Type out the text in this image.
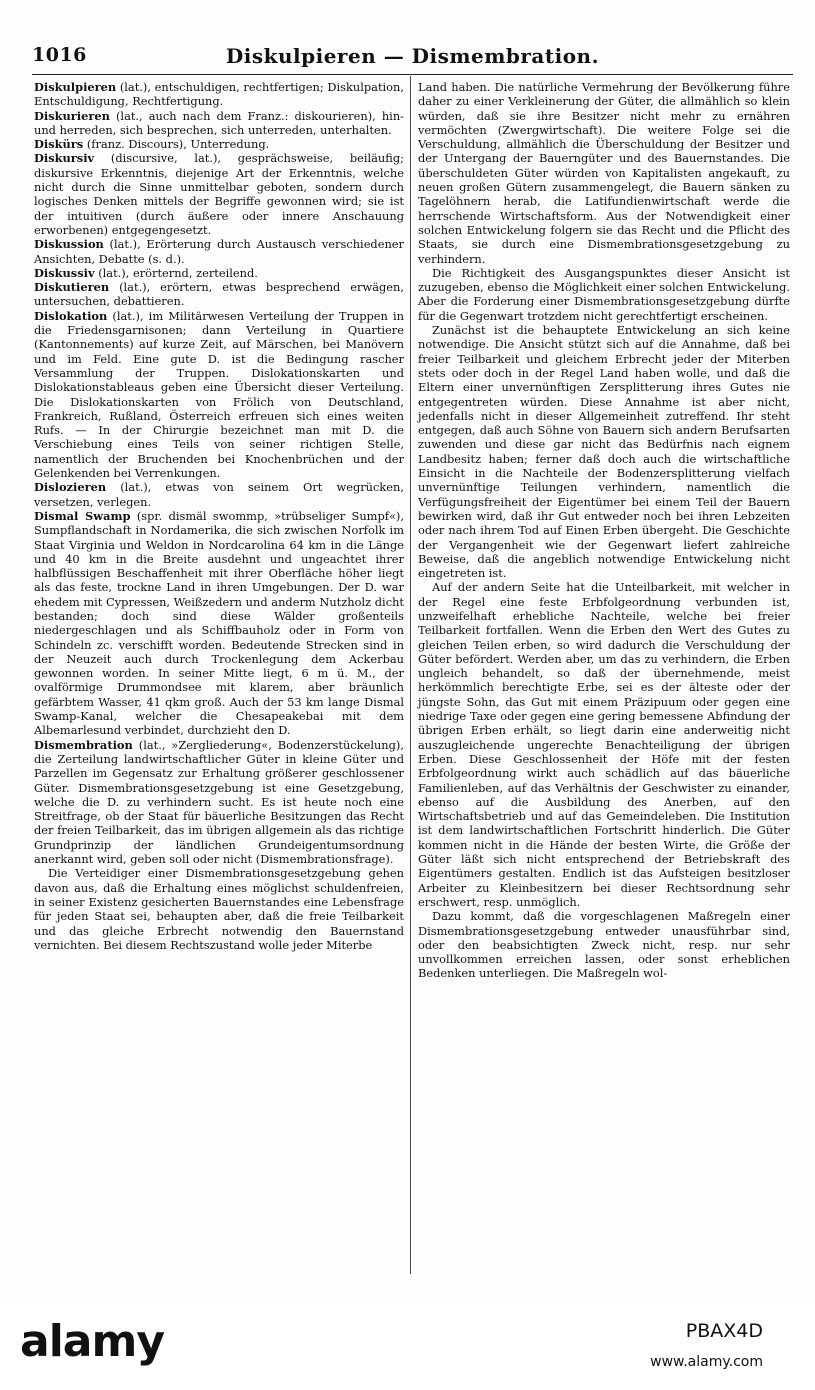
Diskulpieren — Dismembration.
1016

Diskulpieren (lat.), entschuldigen, rechtfertigen; Diskulpation, Entschuldigung, Rechtfertigung.

Diskurieren (lat., auch nach dem Franz.: diskourieren), hin- und herreden, sich besprechen, sich unterreden, unterhalten.

Diskürs (franz. Discours), Unterredung.

Diskursiv (discursive, lat.), gesprächsweise, beiläufig; diskursive Erkenntnis, diejenige Art der Erkenntnis, welche nicht durch die Sinne unmittelbar geboten, sondern durch logisches Denken mittels der Begriffe gewonnen wird; sie ist der intuitiven (durch äußere oder innere Anschauung erworbenen) entgegengesetzt.

Diskussion (lat.), Erörterung durch Austausch verschiedener Ansichten, Debatte (s. d.).

Diskussiv (lat.), erörternd, zerteilend.

Diskutieren (lat.), erörtern, etwas besprechend erwägen, untersuchen, debattieren.

Dislokation (lat.), im Militärwesen Verteilung der Truppen in die Friedensgarnisonen; dann Verteilung in Quartiere (Kantonnements) auf kurze Zeit, auf Märschen, bei Manövern und im Feld. Eine gute D. ist die Bedingung rascher Versammlung der Truppen. Dislokationskarten und Dislokationstableaus geben eine Übersicht dieser Verteilung. Die Dislokationskarten von Frölich von Deutschland, Frankreich, Rußland, Österreich erfreuen sich eines weiten Rufs. — In der Chirurgie bezeichnet man mit D. die Verschiebung eines Teils von seiner richtigen Stelle, namentlich der Bruchenden bei Knochenbrüchen und der Gelenkenden bei Verrenkungen.

Dislozieren (lat.), etwas von seinem Ort wegrücken, versetzen, verlegen.

Dismal Swamp (spr. dismäl swommp, »trübseliger Sumpf«), Sumpflandschaft in Nordamerika, die sich zwischen Norfolk im Staat Virginia und Weldon in Nordcarolina 64 km in die Länge und 40 km in die Breite ausdehnt und ungeachtet ihrer halbflüssigen Beschaffenheit mit ihrer Oberfläche höher liegt als das feste, trockne Land in ihren Umgebungen. Der D. war ehedem mit Cypressen, Weißzedern und anderm Nutzholz dicht bestanden; doch sind diese Wälder großenteils niedergeschlagen und als Schiffbauholz oder in Form von Schindeln zc. verschifft worden. Bedeutende Strecken sind in der Neuzeit auch durch Trockenlegung dem Ackerbau gewonnen worden. In seiner Mitte liegt, 6 m ü. M., der ovalförmige Drummondsee mit klarem, aber bräunlich gefärbtem Wasser, 41 qkm groß. Auch der 53 km lange Dismal Swamp-Kanal, welcher die Chesapeakebai mit dem Albemarlesund verbindet, durchzieht den D.

Dismembration (lat., »Zergliederung«, Bodenzerstückelung), die Zerteilung landwirtschaftlicher Güter in kleine Güter und Parzellen im Gegensatz zur Erhaltung größerer geschlossener Güter. Dismembrationsgesetzgebung ist eine Gesetzgebung, welche die D. zu verhindern sucht. Es ist heute noch eine Streitfrage, ob der Staat für bäuerliche Besitzungen das Recht der freien Teilbarkeit, das im übrigen allgemein als das richtige Grundprinzip der ländlichen Grundeigentumsordnung anerkannt wird, geben soll oder nicht (Dismembrationsfrage).

Die Verteidiger einer Dismembrationsgesetzgebung gehen davon aus, daß die Erhaltung eines möglichst schuldenfreien, in seiner Existenz gesicherten Bauernstandes eine Lebensfrage für jeden Staat sei, behaupten aber, daß die freie Teilbarkeit und das gleiche Erbrecht notwendig den Bauernstand vernichten. Bei diesem Rechtszustand wolle jeder Miterbe

Land haben. Die natürliche Vermehrung der Bevölkerung führe daher zu einer Verkleinerung der Güter, die allmählich so klein würden, daß sie ihre Besitzer nicht mehr zu ernähren vermöchten (Zwergwirtschaft). Die weitere Folge sei die Verschuldung, allmählich die Überschuldung der Besitzer und der Untergang der Bauerngüter und des Bauernstandes. Die überschuldeten Güter würden von Kapitalisten angekauft, zu neuen großen Gütern zusammengelegt, die Bauern sänken zu Tagelöhnern herab, die Latifundienwirtschaft werde die herrschende Wirtschaftsform. Aus der Notwendigkeit einer solchen Entwickelung folgern sie das Recht und die Pflicht des Staats, sie durch eine Dismembrationsgesetzgebung zu verhindern.

Die Richtigkeit des Ausgangspunktes dieser Ansicht ist zuzugeben, ebenso die Möglichkeit einer solchen Entwickelung. Aber die Forderung einer Dismembrationsgesetzgebung dürfte für die Gegenwart trotzdem nicht gerechtfertigt erscheinen.

Zunächst ist die behauptete Entwickelung an sich keine notwendige. Die Ansicht stützt sich auf die Annahme, daß bei freier Teilbarkeit und gleichem Erbrecht jeder der Miterben stets oder doch in der Regel Land haben wolle, und daß die Eltern einer unvernünftigen Zersplitterung ihres Gutes nie entgegentreten würden. Diese Annahme ist aber nicht, jedenfalls nicht in dieser Allgemeinheit zutreffend. Ihr steht entgegen, daß auch Söhne von Bauern sich andern Berufsarten zuwenden und diese gar nicht das Bedürfnis nach eignem Landbesitz haben; ferner daß doch auch die wirtschaftliche Einsicht in die Nachteile der Bodenzersplitterung vielfach unvernünftige Teilungen verhindern, namentlich die Verfügungsfreiheit der Eigentümer bei einem Teil der Bauern bewirken wird, daß ihr Gut entweder noch bei ihren Lebzeiten oder nach ihrem Tod auf Einen Erben übergeht. Die Geschichte der Vergangenheit wie der Gegenwart liefert zahlreiche Beweise, daß die angeblich notwendige Entwickelung nicht eingetreten ist.

Auf der andern Seite hat die Unteilbarkeit, mit welcher in der Regel eine feste Erbfolgeordnung verbunden ist, unzweifelhaft erhebliche Nachteile, welche bei freier Teilbarkeit fortfallen. Wenn die Erben den Wert des Gutes zu gleichen Teilen erben, so wird dadurch die Verschuldung der Güter befördert. Werden aber, um das zu verhindern, die Erben ungleich behandelt, so daß der übernehmende, meist herkömmlich berechtigte Erbe, sei es der älteste oder der jüngste Sohn, das Gut mit einem Präzipuum oder gegen eine niedrige Taxe oder gegen eine gering bemessene Abfindung der übrigen Erben erhält, so liegt darin eine anderweitig nicht auszugleichende ungerechte Benachteiligung der übrigen Erben. Diese Geschlossenheit der Höfe mit der festen Erbfolgeordnung wirkt auch schädlich auf das bäuerliche Familienleben, auf das Verhältnis der Geschwister zu einander, ebenso auf die Ausbildung des Anerben, auf den Wirtschaftsbetrieb und auf das Gemeindeleben. Die Institution ist dem landwirtschaftlichen Fortschritt hinderlich. Die Güter kommen nicht in die Hände der besten Wirte, die Größe der Güter läßt sich nicht entsprechend der Betriebskraft des Eigentümers gestalten. Endlich ist das Aufsteigen besitzloser Arbeiter zu Kleinbesitzern bei dieser Rechtsordnung sehr erschwert, resp. unmöglich.

Dazu kommt, daß die vorgeschlagenen Maßregeln einer Dismembrationsgesetzgebung entweder unausführbar sind, oder den beabsichtigten Zweck nicht, resp. nur sehr unvollkommen erreichen lassen, oder sonst erheblichen Bedenken unterliegen. Die Maßregeln wol-

alamy	PBAX4D
www.alamy.com
